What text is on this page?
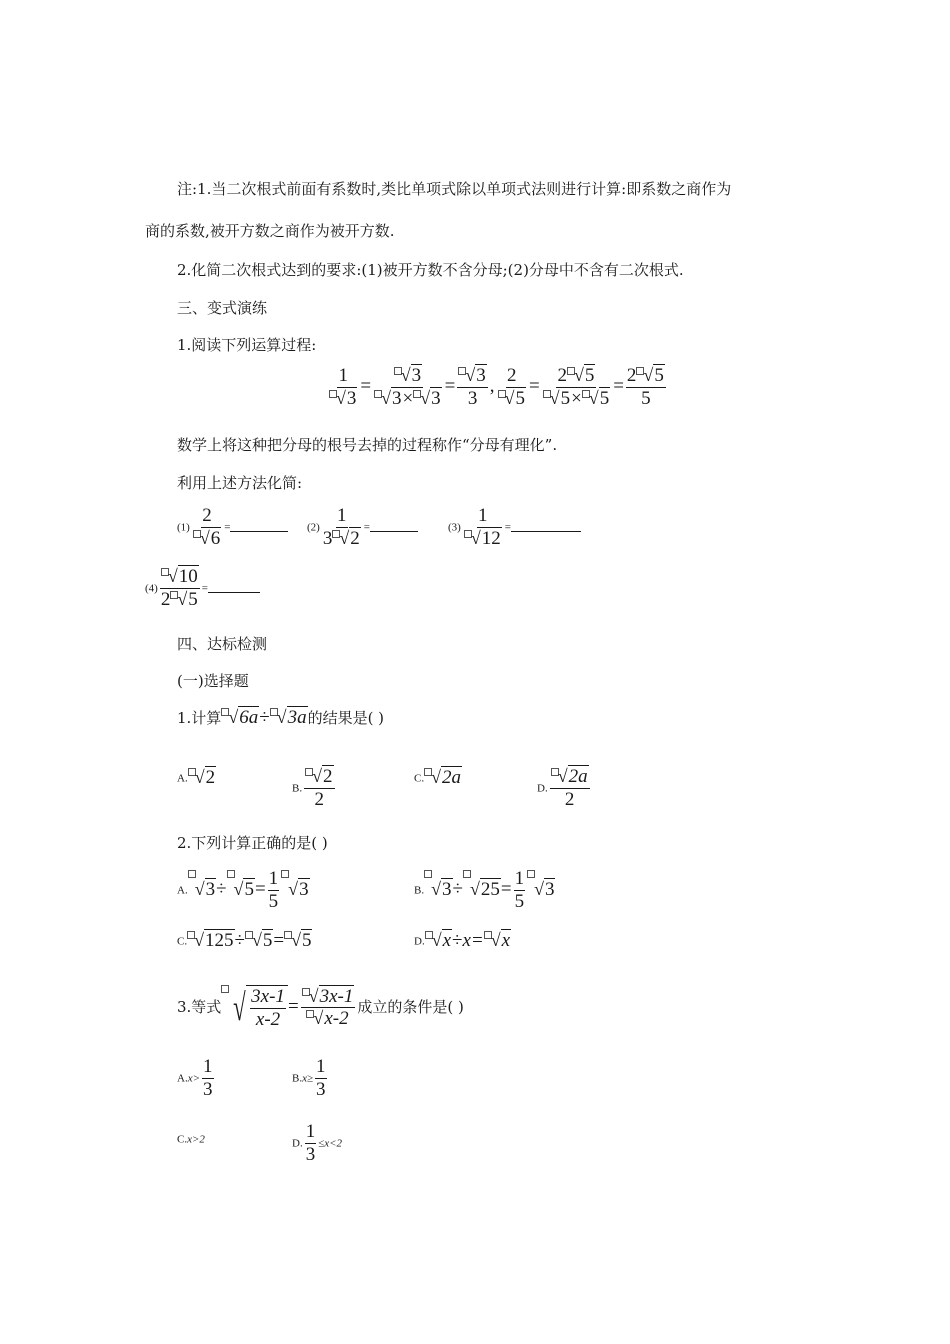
注:1.当二次根式前面有系数时,类比单项式除以单项式法则进行计算:即系数之商作为
商的系数,被开方数之商作为被开方数.
2.化简二次根式达到的要求:(1)被开方数不含分母;(2)分母中不含有二次根式.
三、变式演练
1.阅读下列运算过程:
$\frac{1}{√3} = \frac{√3}{√3\times √3} = \frac{√3}{3}$ , $\frac{2}{√5} = \frac{2 √5}{√5\times √5} = \frac{2 √5}{5}$
数学上将这种把分母的根号去掉的过程称作“分母有理化”.
利用上述方法化简:
$(1) \frac{2}{√6}$ =	$(2) \frac{1}{3 √2}$ =	$(3) \frac{1}{√12}$ =
$(4) \frac{√10}{2 √5}$ =
四、达标检测
(一)选择题
1.计算 √6a÷ √3a的结果是( )
A. √2
B. $\frac{√2}{2}$	C. √2a
D. $\frac{√2a}{2}$
2.下列计算正确的是( )
A. $√3\div √5= \frac{1}{5} √3$	B. $√3\div √25= \frac{1}{5} √3$
C. √125÷ √5= √5	D. √x÷x= √x
3.等式 √ $\frac{3x-1}{x-2} = \frac{√3x-1}{√x-2}$ 成立的条件是( )
$A.x> \frac{1}{3}$	$B.x\ge \frac{1}{3}$
C.x>2	D. $\frac{1}{3} \le x<2$
